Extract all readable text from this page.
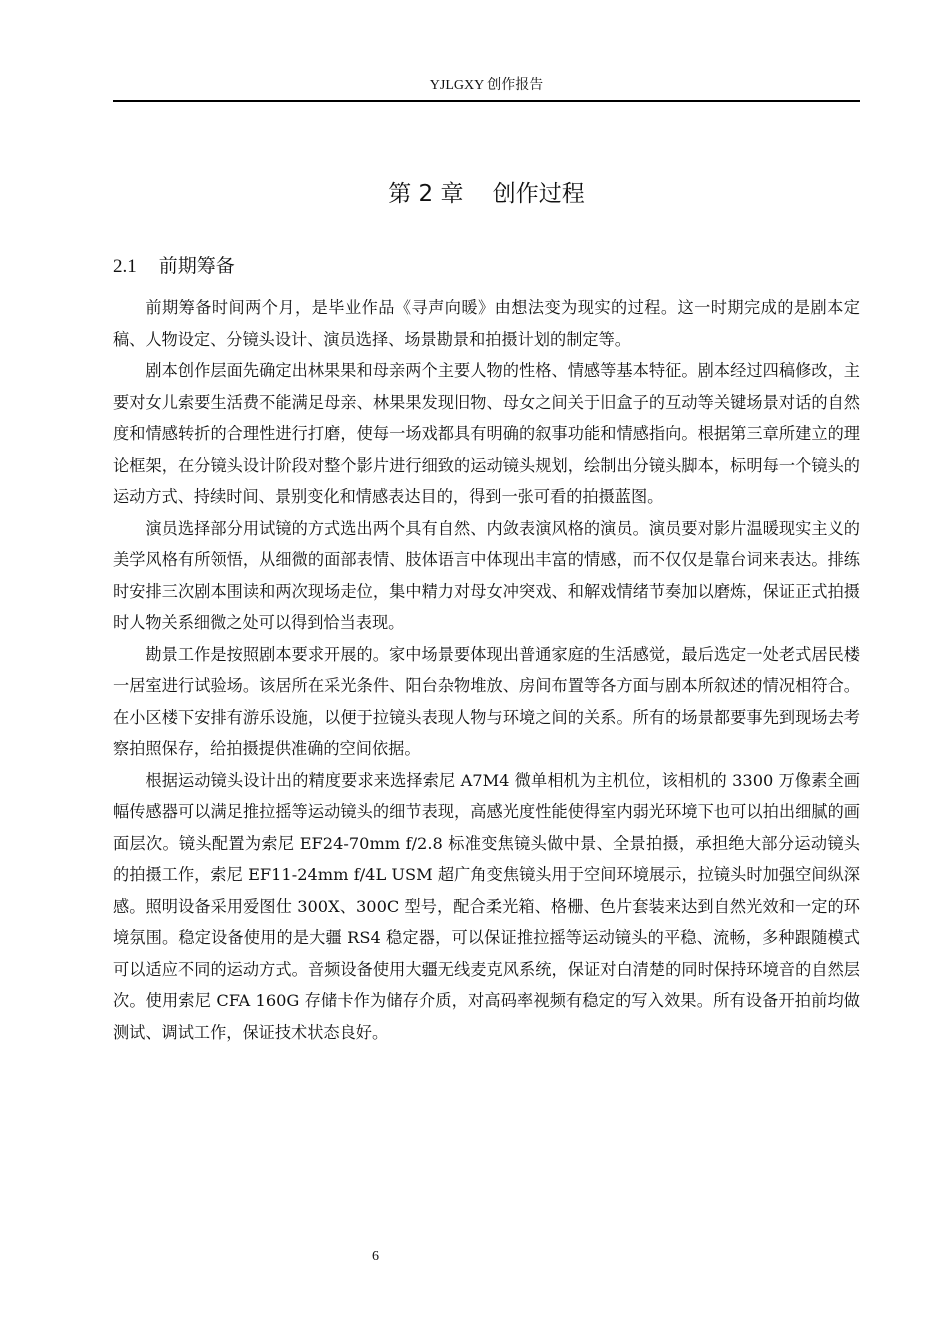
YJLGXY 创作报告
第 2 章    创作过程
2.1 前期筹备

前期筹备时间两个月，是毕业作品《寻声向暖》由想法变为现实的过程。这一时期完成的是剧本定稿、人物设定、分镜头设计、演员选择、场景勘景和拍摄计划的制定等。

剧本创作层面先确定出林果果和母亲两个主要人物的性格、情感等基本特征。剧本经过四稿修改，主要对女儿索要生活费不能满足母亲、林果果发现旧物、母女之间关于旧盒子的互动等关键场景对话的自然度和情感转折的合理性进行打磨，使每一场戏都具有明确的叙事功能和情感指向。根据第三章所建立的理论框架，在分镜头设计阶段对整个影片进行细致的运动镜头规划，绘制出分镜头脚本，标明每一个镜头的运动方式、持续时间、景别变化和情感表达目的，得到一张可看的拍摄蓝图。

演员选择部分用试镜的方式选出两个具有自然、内敛表演风格的演员。演员要对影片温暖现实主义的美学风格有所领悟，从细微的面部表情、肢体语言中体现出丰富的情感，而不仅仅是靠台词来表达。排练时安排三次剧本围读和两次现场走位，集中精力对母女冲突戏、和解戏情绪节奏加以磨炼，保证正式拍摄时人物关系细微之处可以得到恰当表现。

勘景工作是按照剧本要求开展的。家中场景要体现出普通家庭的生活感觉，最后选定一处老式居民楼一居室进行试验场。该居所在采光条件、阳台杂物堆放、房间布置等各方面与剧本所叙述的情况相符合。在小区楼下安排有游乐设施，以便于拉镜头表现人物与环境之间的关系。所有的场景都要事先到现场去考察拍照保存，给拍摄提供准确的空间依据。

根据运动镜头设计出的精度要求来选择索尼 A7M4 微单相机为主机位，该相机的 3300 万像素全画幅传感器可以满足推拉摇等运动镜头的细节表现，高感光度性能使得室内弱光环境下也可以拍出细腻的画面层次。镜头配置为索尼 EF24-70mm f/2.8 标准变焦镜头做中景、全景拍摄，承担绝大部分运动镜头的拍摄工作，索尼 EF11-24mm f/4L USM 超广角变焦镜头用于空间环境展示，拉镜头时加强空间纵深感。照明设备采用爱图仕 300X、300C 型号，配合柔光箱、格栅、色片套装来达到自然光效和一定的环境氛围。稳定设备使用的是大疆 RS4 稳定器，可以保证推拉摇等运动镜头的平稳、流畅，多种跟随模式可以适应不同的运动方式。音频设备使用大疆无线麦克风系统，保证对白清楚的同时保持环境音的自然层次。使用索尼 CFA 160G 存储卡作为储存介质，对高码率视频有稳定的写入效果。所有设备开拍前均做测试、调试工作，保证技术状态良好。

6
